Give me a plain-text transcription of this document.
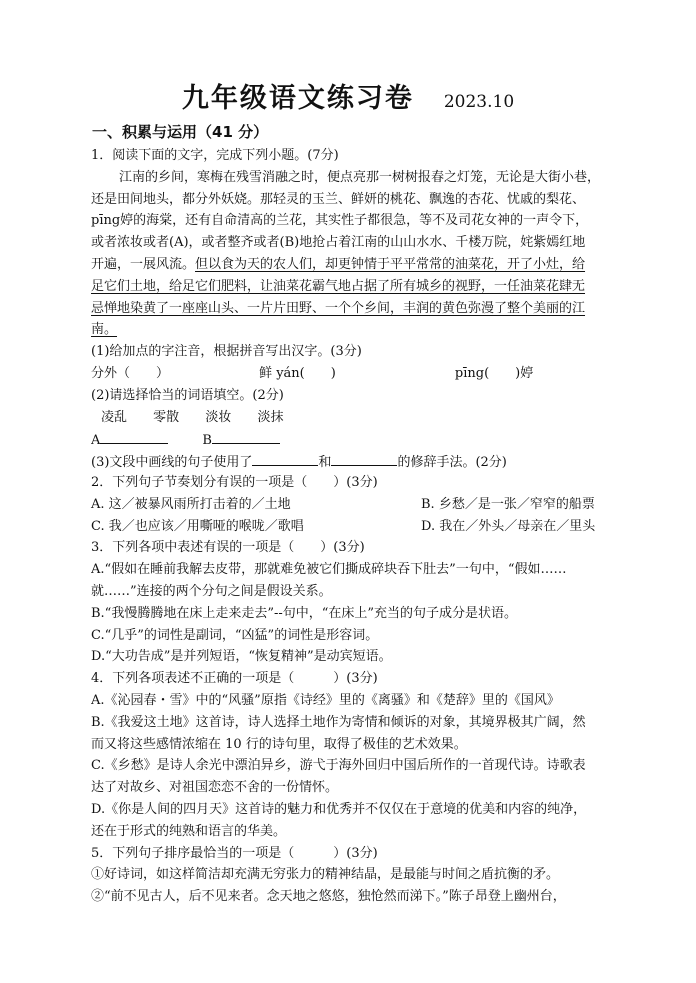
九年级语文练习卷 2023.10
一、积累与运用（41 分）
1．阅读下面的文字，完成下列小题。(7分)
江南的乡间，寒梅在残雪消融之时，便点亮那一树树报春之灯笼，无论是大街小巷，
还是田间地头，都分外妖娆。那轻灵的玉兰、鲜妍的桃花、飘逸的杏花、忧戚的梨花、
pīng婷的海棠，还有自命清高的兰花，其实性子都很急，等不及司花女神的一声令下，
或者浓妆或者(A)，或者整齐或者(B)地抢占着江南的山山水水、千楼万院，姹紫嫣红地
开遍，一展风流。但以食为天的农人们，却更钟情于平平常常的油菜花，开了小灶，给
足它们土地，给足它们肥料，让油菜花霸气地占据了所有城乡的视野，一任油菜花肆无
忌惮地染黄了一座座山头、一片片田野、一个个乡间，丰润的黄色弥漫了整个美丽的江
南。
(1)给加点的字注音，根据拼音写出汉字。(3分)
分外（　　）	鲜 yán(　　)	pīng(　　)婷
(2)请选择恰当的词语填空。(2分)
凌乱 零散 淡妆 淡抹
A	B
(3)文段中画线的句子使用了	和	的修辞手法。(2分)
2．下列句子节奏划分有误的一项是（　　）(3分)
A. 这／被暴风雨所打击着的／土地	B. 乡愁／是一张／窄窄的船票
C. 我／也应该／用嘶哑的喉咙／歌唱	D. 我在／外头／母亲在／里头
3．下列各项中表述有误的一项是（　　）(3分)
A.“假如在睡前我解去皮带，那就难免被它们撕成碎块吞下肚去”一句中，“假如……
就……”连接的两个分句之间是假设关系。
B.“我慢腾腾地在床上走来走去”--句中，“在床上”充当的句子成分是状语。
C.“几乎”的词性是副词，“凶猛”的词性是形容词。
D.“大功告成”是并列短语，“恢复精神”是动宾短语。
4．下列各项表述不正确的一项是（　　　）(3分)
A.《沁园春・雪》中的“风骚”原指《诗经》里的《离骚》和《楚辞》里的《国风》
B.《我爱这土地》这首诗，诗人选择土地作为寄情和倾诉的对象，其境界极其广阔，然
而又将这些感情浓缩在 10 行的诗句里，取得了极佳的艺术效果。
C.《乡愁》是诗人余光中漂泊异乡，游弋于海外回归中国后所作的一首现代诗。诗歌表
达了对故乡、对祖国恋恋不舍的一份情怀。
D.《你是人间的四月天》这首诗的魅力和优秀并不仅仅在于意境的优美和内容的纯净，
还在于形式的纯熟和语言的华美。
5．下列句子排序最恰当的一项是（　　　）(3分)
①好诗词，如这样简洁却充满无穷张力的精神结晶，是最能与时间之盾抗衡的矛。
②“前不见古人，后不见来者。念天地之悠悠，独怆然而涕下。”陈子昂登上幽州台，
